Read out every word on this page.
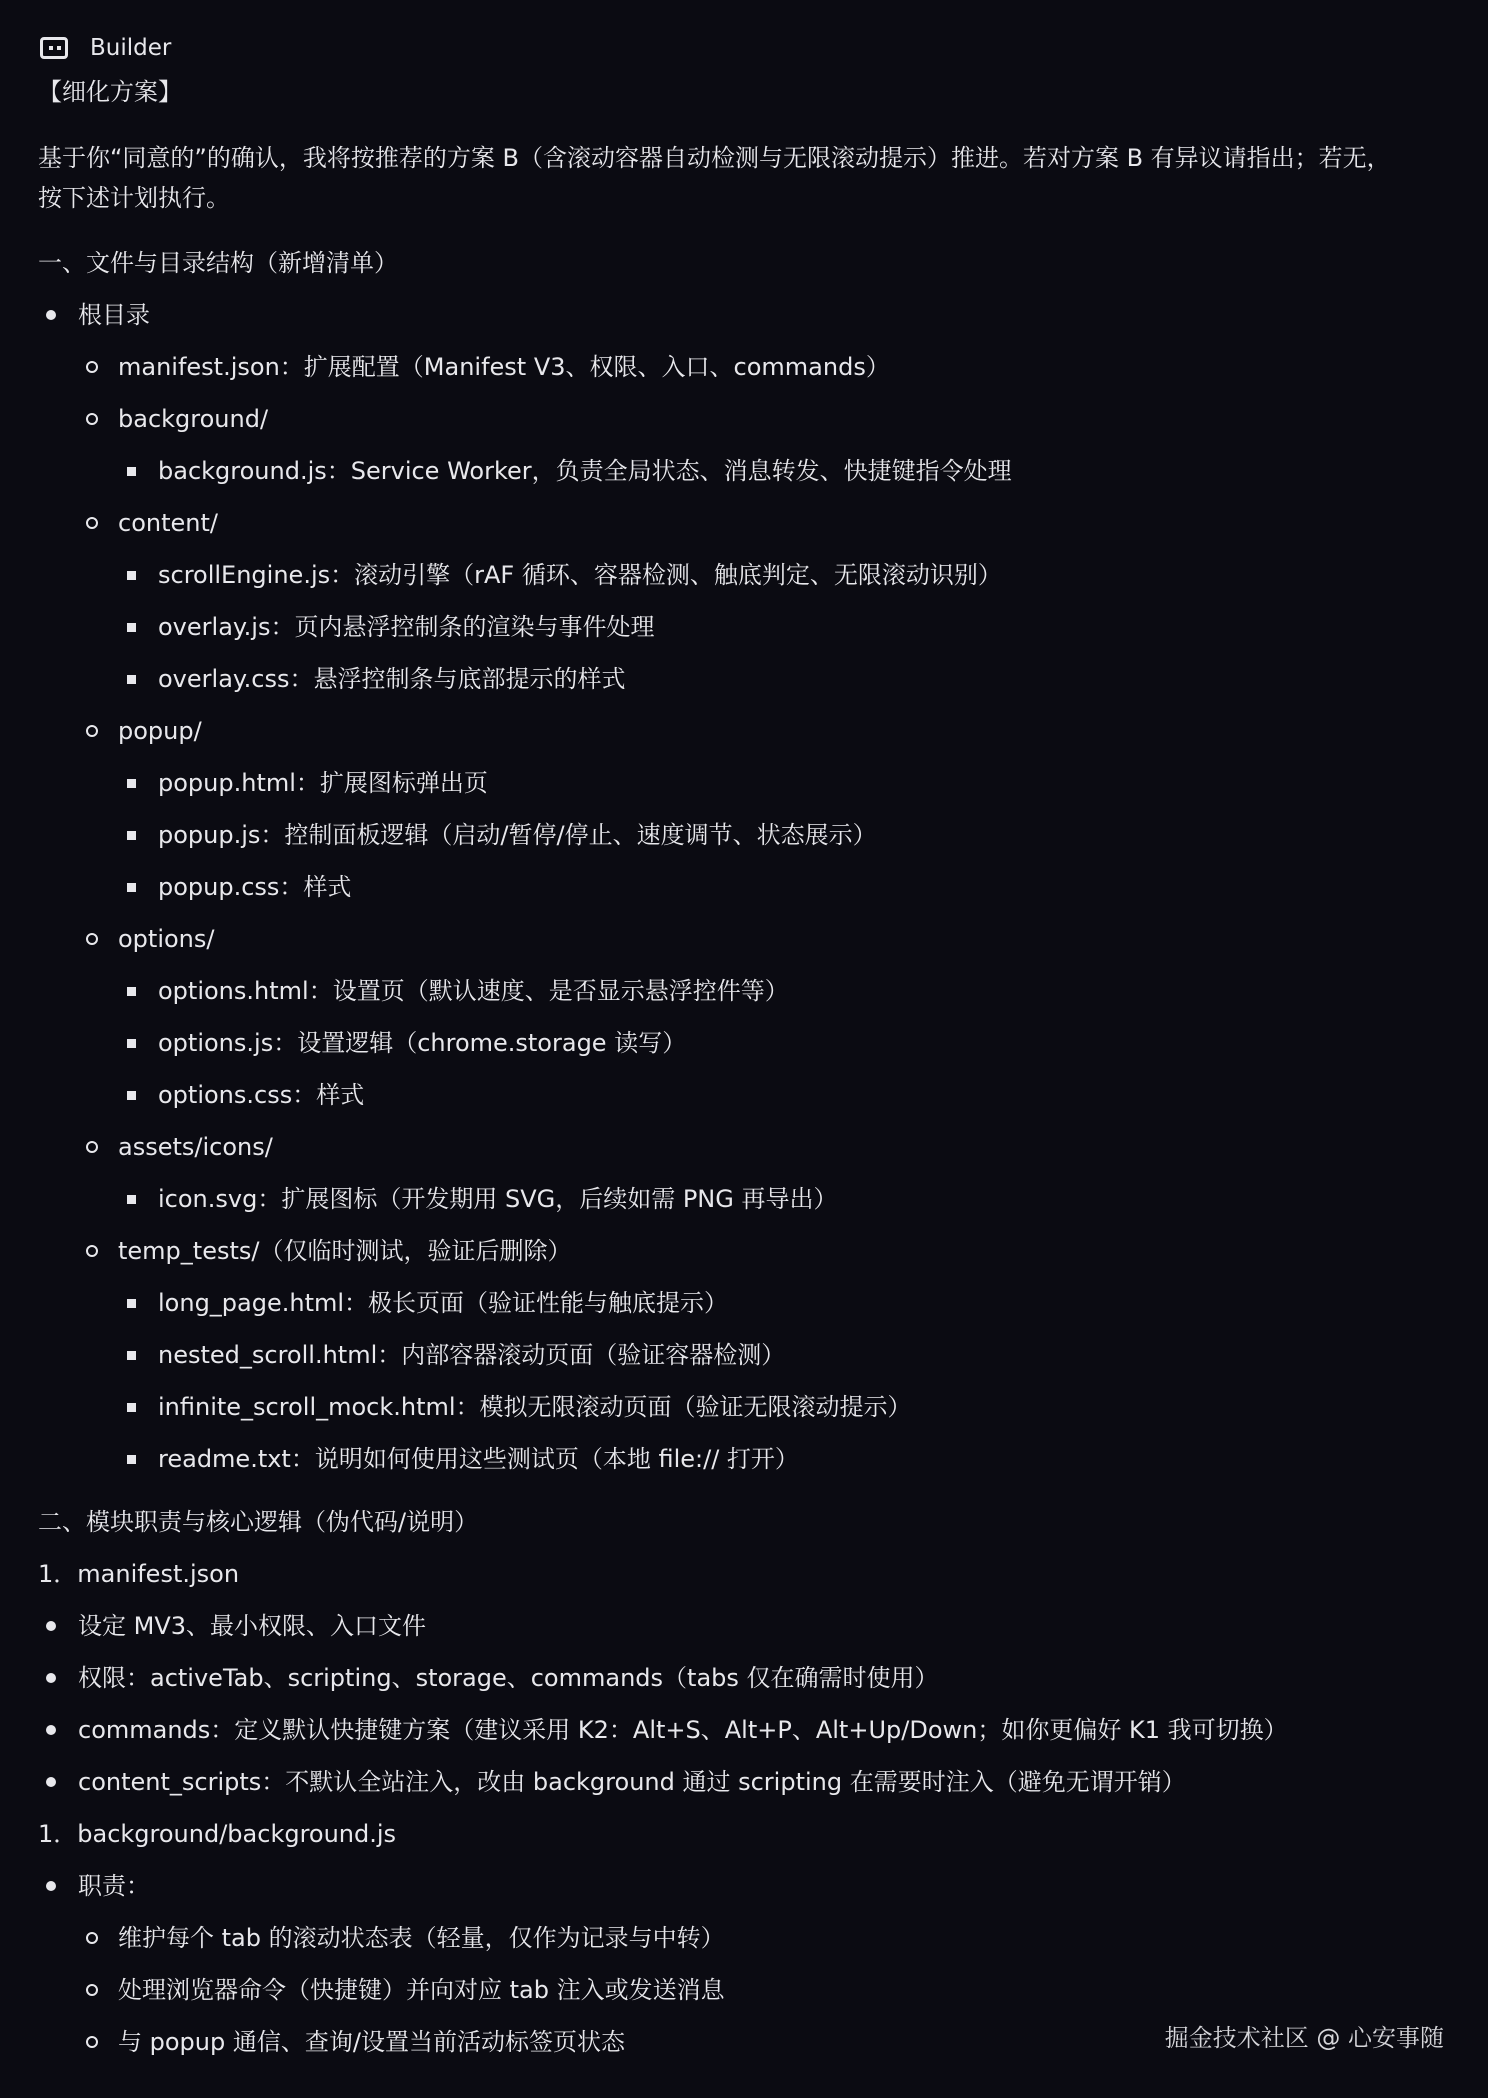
Builder
【细化方案】
基于你“同意的”的确认，我将按推荐的方案 B（含滚动容器自动检测与无限滚动提示）推进。若对方案 B 有异议请指出；若无，
按下述计划执行。
一、文件与目录结构（新增清单）
根目录
manifest.json：扩展配置（Manifest V3、权限、入口、commands）
background/
background.js：Service Worker，负责全局状态、消息转发、快捷键指令处理
content/
scrollEngine.js：滚动引擎（rAF 循环、容器检测、触底判定、无限滚动识别）
overlay.js：页内悬浮控制条的渲染与事件处理
overlay.css：悬浮控制条与底部提示的样式
popup/
popup.html：扩展图标弹出页
popup.js：控制面板逻辑（启动/暂停/停止、速度调节、状态展示）
popup.css：样式
options/
options.html：设置页（默认速度、是否显示悬浮控件等）
options.js：设置逻辑（chrome.storage 读写）
options.css：样式
assets/icons/
icon.svg：扩展图标（开发期用 SVG，后续如需 PNG 再导出）
temp_tests/（仅临时测试，验证后删除）
long_page.html：极长页面（验证性能与触底提示）
nested_scroll.html：内部容器滚动页面（验证容器检测）
infinite_scroll_mock.html：模拟无限滚动页面（验证无限滚动提示）
readme.txt：说明如何使用这些测试页（本地 file:// 打开）
二、模块职责与核心逻辑（伪代码/说明）
1．manifest.json
设定 MV3、最小权限、入口文件
权限：activeTab、scripting、storage、commands（tabs 仅在确需时使用）
commands：定义默认快捷键方案（建议采用 K2：Alt+S、Alt+P、Alt+Up/Down；如你更偏好 K1 我可切换）
content_scripts：不默认全站注入，改由 background 通过 scripting 在需要时注入（避免无谓开销）
1．background/background.js
职责：
维护每个 tab 的滚动状态表（轻量，仅作为记录与中转）
处理浏览器命令（快捷键）并向对应 tab 注入或发送消息
与 popup 通信、查询/设置当前活动标签页状态	掘金技术社区 @ 心安事随
